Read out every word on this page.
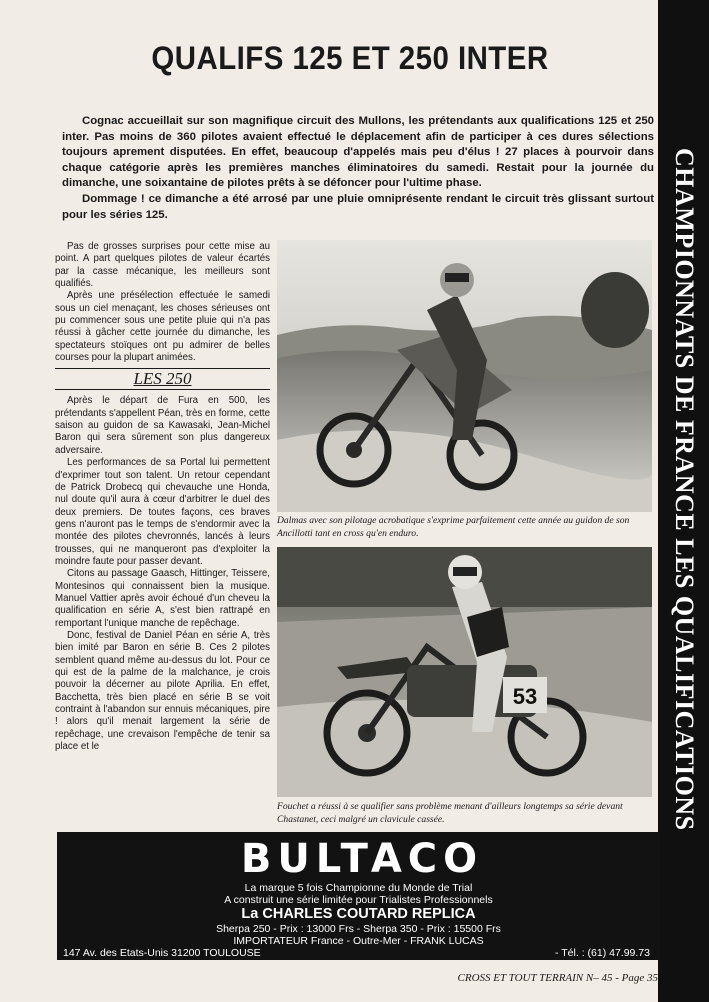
QUALIFS 125 ET 250 INTER

Cognac accueillait sur son magnifique circuit des Mullons, les prétendants aux qualifications 125 et 250 inter. Pas moins de 360 pilotes avaient effectué le déplacement afin de participer à ces dures sélections toujours aprement disputées. En effet, beaucoup d'appelés mais peu d'élus ! 27 places à pourvoir dans chaque catégorie après les premières manches éliminatoires du samedi. Restait pour la journée du dimanche, une soixantaine de pilotes prêts à se défoncer pour l'ultime phase.

Dommage ! ce dimanche a été arrosé par une pluie omniprésente rendant le circuit très glissant surtout pour les séries 125.	CHAMPIONNATS DE FRANCE LES QUALIFICATIONS

Pas de grosses surprises pour cette mise au point. A part quelques pilotes de valeur écartés par la casse mécanique, les meilleurs sont qualifiés.

Après une présélection effectuée le samedi sous un ciel menaçant, les choses sérieuses ont pu commencer sous une petite pluie qui n'a pas réussi à gâcher cette journée du dimanche, les spectateurs stoïques ont pu admirer de belles courses pour la plupart animées.

LES 250

Après le départ de Fura en 500, les prétendants s'appellent Péan, très en forme, cette saison au guidon de sa Kawasaki, Jean-Michel Baron qui sera sûrement son plus dangereux adversaire.

Les performances de sa Portal lui permettent d'exprimer tout son talent. Un retour cependant de Patrick Drobecq qui chevauche une Honda, nul doute qu'il aura à cœur d'arbitrer le duel des deux premiers. De toutes façons, ces braves gens n'auront pas le temps de s'endormir avec la montée des pilotes chevronnés, lancés à leurs trousses, qui ne manqueront pas d'exploiter la moindre faute pour passer devant.

Citons au passage Gaasch, Hittinger, Teissere, Montesinos qui connaissent bien la musique. Manuel Vattier après avoir échoué d'un cheveu la qualification en série A, s'est bien rattrapé en remportant l'unique manche de repêchage.

Donc, festival de Daniel Péan en série A, très bien imité par Baron en série B. Ces 2 pilotes semblent quand même au-dessus du lot. Pour ce qui est de la palme de la malchance, je crois pouvoir la décerner au pilote Aprilia. En effet, Bacchetta, très bien placé en série B se voit contraint à l'abandon sur ennuis mécaniques, pire ! alors qu'il menait largement la série de repêchage, une crevaison l'empêche de tenir sa place et le

Dalmas avec son pilotage acrobatique s'exprime parfaitement cette année au guidon de son Ancillotti tant en cross qu'en enduro.
53
Fouchet a réussi à se qualifier sans problème menant d'ailleurs longtemps sa série devant Chastanet, ceci malgré un clavicule cassée.
BULTACO
La marque 5 fois Championne du Monde de Trial
A construit une série limitée pour Trialistes Professionnels
La CHARLES COUTARD REPLICA
Sherpa 250 - Prix : 13000 Frs - Sherpa 350 - Prix : 15500 Frs
IMPORTATEUR France - Outre-Mer - FRANK LUCAS
147 Av. des Etats-Unis 31200 TOULOUSE	- Tél. : (61) 47.99.73
CROSS ET TOUT TERRAIN N– 45 - Page 35
